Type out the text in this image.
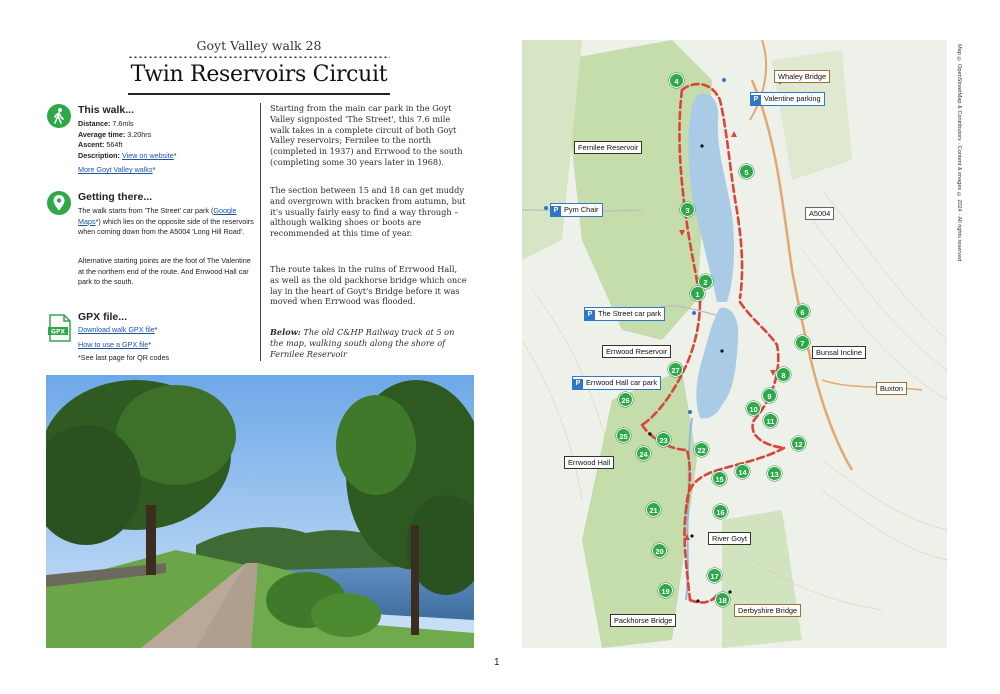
Goyt Valley walk 28
Twin Reservoirs Circuit
This walk...
Distance: 7.6mls
Average time: 3.20hrs
Ascent: 564ft
Description: View on website*
More Goyt Valley walks*
Getting there...
The walk starts from 'The Street' car park (Google Maps*) which lies on the opposite side of the reservoirs when coming down from the A5004 'Long Hill Road'.
Alternative starting points are the foot of The Valentine at the northern end of the route. And Errwood Hall car park to the south.
GPX
GPX file...
Download walk GPX file*
How to use a GPX file*
*See last page for QR codes
Starting from the main car park in the Goyt Valley signposted 'The Street', this 7.6 mile walk takes in a complete circuit of both Goyt Valley reservoirs; Fernilee to the north (completed in 1937) and Errwood to the south (completing some 30 years later in 1968).
The section between 15 and 18 can get muddy and overgrown with bracken from autumn, but it's usually fairly easy to find a way through – although walking shoes or boots are recommended at this time of year.
The route takes in the ruins of Errwood Hall, as well as the old packhorse bridge which once lay in the heart of Goyt's Bridge before it was moved when Errwood was flooded.
Below: The old C&HP Railway track at 5 on the map, walking south along the shore of Fernilee Reservoir
Whaley Bridge
P Valentine parking
Fernilee Reservoir
P Pym Chair	A5004
P The Street car park
Errwood Reservoir	Bunsal Incline
P Errwood Hall car park
Buxton
Errwood Hall
River Goyt
Derbyshire Bridge
Packhorse Bridge
1
2
3
4
5
6
7
8
9
10
11
12
13
14
15
16
17
18
19
20
21
22
23
24
25
26
27
Map © OpenStreetMap & Contributors · Content & images © 2024 · All rights reserved
1
